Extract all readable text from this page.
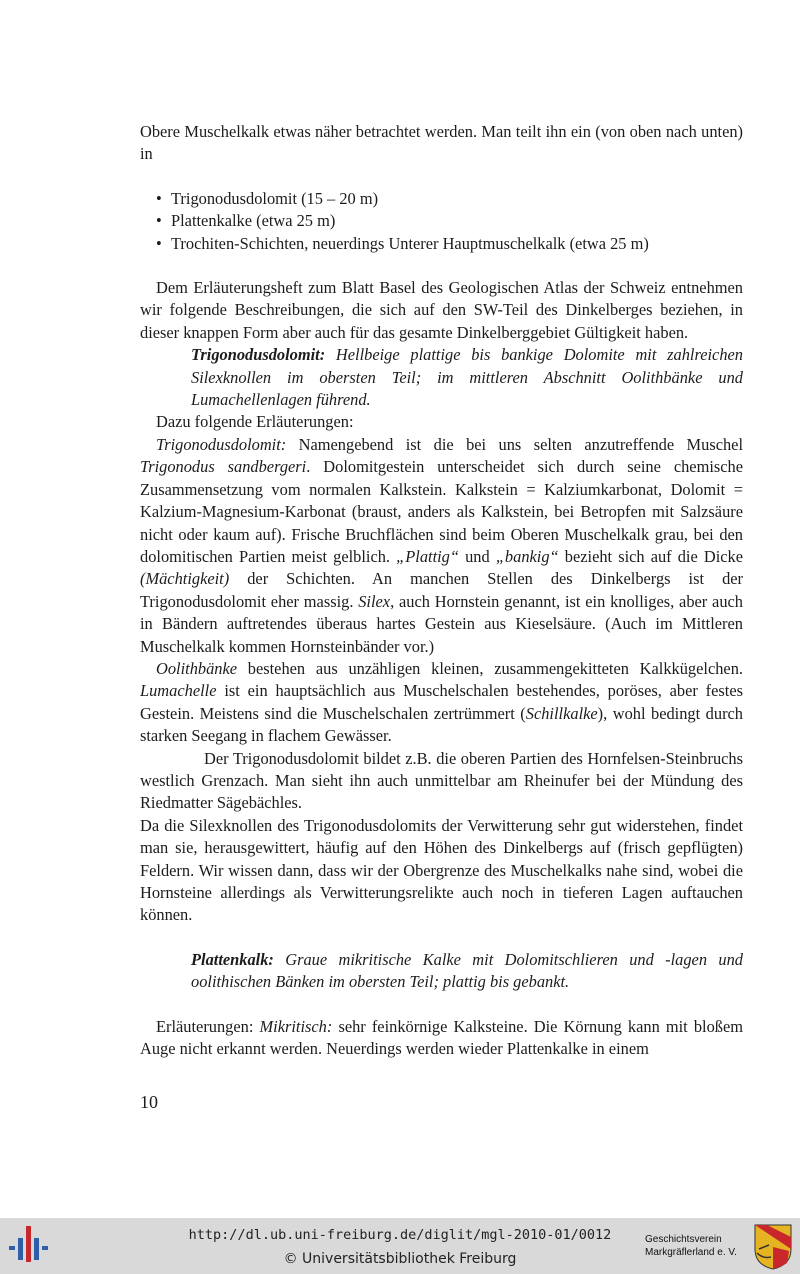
Obere Muschelkalk etwas näher betrachtet werden. Man teilt ihn ein (von oben nach unten) in

• Trigonodusdolomit (15 – 20 m)
• Plattenkalke (etwa 25 m)
• Trochiten-Schichten, neuerdings Unterer Hauptmuschelkalk (etwa 25 m)

Dem Erläuterungsheft zum Blatt Basel des Geologischen Atlas der Schweiz entnehmen wir folgende Beschreibungen, die sich auf den SW-Teil des Dinkelberges beziehen, in dieser knappen Form aber auch für das gesamte Dinkelberggebiet Gültigkeit haben.

Trigonodusdolomit: Hellbeige plattige bis bankige Dolomite mit zahlreichen Silexknollen im obersten Teil; im mittleren Abschnitt Oolithbänke und Lumachellenlagen führend.

Dazu folgende Erläuterungen:

Trigonodusdolomit: Namengebend ist die bei uns selten anzutreffende Muschel Trigonodus sandbergeri. Dolomitgestein unterscheidet sich durch seine chemische Zusammensetzung vom normalen Kalkstein. Kalkstein = Kalziumkarbonat, Dolomit = Kalzium-Magnesium-Karbonat (braust, anders als Kalkstein, bei Betropfen mit Salzsäure nicht oder kaum auf). Frische Bruchflächen sind beim Oberen Muschelkalk grau, bei den dolomitischen Partien meist gelblich. „Plattig“ und „bankig“ bezieht sich auf die Dicke (Mächtigkeit) der Schichten. An manchen Stellen des Dinkelbergs ist der Trigonodusdolomit eher massig. Silex, auch Hornstein genannt, ist ein knolliges, aber auch in Bändern auftretendes überaus hartes Gestein aus Kieselsäure. (Auch im Mittleren Muschelkalk kommen Hornsteinbänder vor.)

Oolithbänke bestehen aus unzähligen kleinen, zusammengekitteten Kalkkügelchen. Lumachelle ist ein hauptsächlich aus Muschelschalen bestehendes, poröses, aber festes Gestein. Meistens sind die Muschelschalen zertrümmert (Schillkalke), wohl bedingt durch starken Seegang in flachem Gewässer.

Der Trigonodusdolomit bildet z.B. die oberen Partien des Hornfelsen-Steinbruchs westlich Grenzach. Man sieht ihn auch unmittelbar am Rheinufer bei der Mündung des Riedmatter Sägebächles.

Da die Silexknollen des Trigonodusdolomits der Verwitterung sehr gut widerstehen, findet man sie, herausgewittert, häufig auf den Höhen des Dinkelbergs auf (frisch gepflügten) Feldern. Wir wissen dann, dass wir der Obergrenze des Muschelkalks nahe sind, wobei die Hornsteine allerdings als Verwitterungsrelikte auch noch in tieferen Lagen auftauchen können.

Plattenkalk: Graue mikritische Kalke mit Dolomitschlieren und -lagen und oolithischen Bänken im obersten Teil; plattig bis gebankt.

Erläuterungen: Mikritisch: sehr feinkörnige Kalksteine. Die Körnung kann mit bloßem Auge nicht erkannt werden. Neuerdings werden wieder Plattenkalke in einem

10
http://dl.ub.uni-freiburg.de/diglit/mgl-2010-01/0012
© Universitätsbibliothek Freiburg
Geschichtsverein
Markgräflerland e. V.
